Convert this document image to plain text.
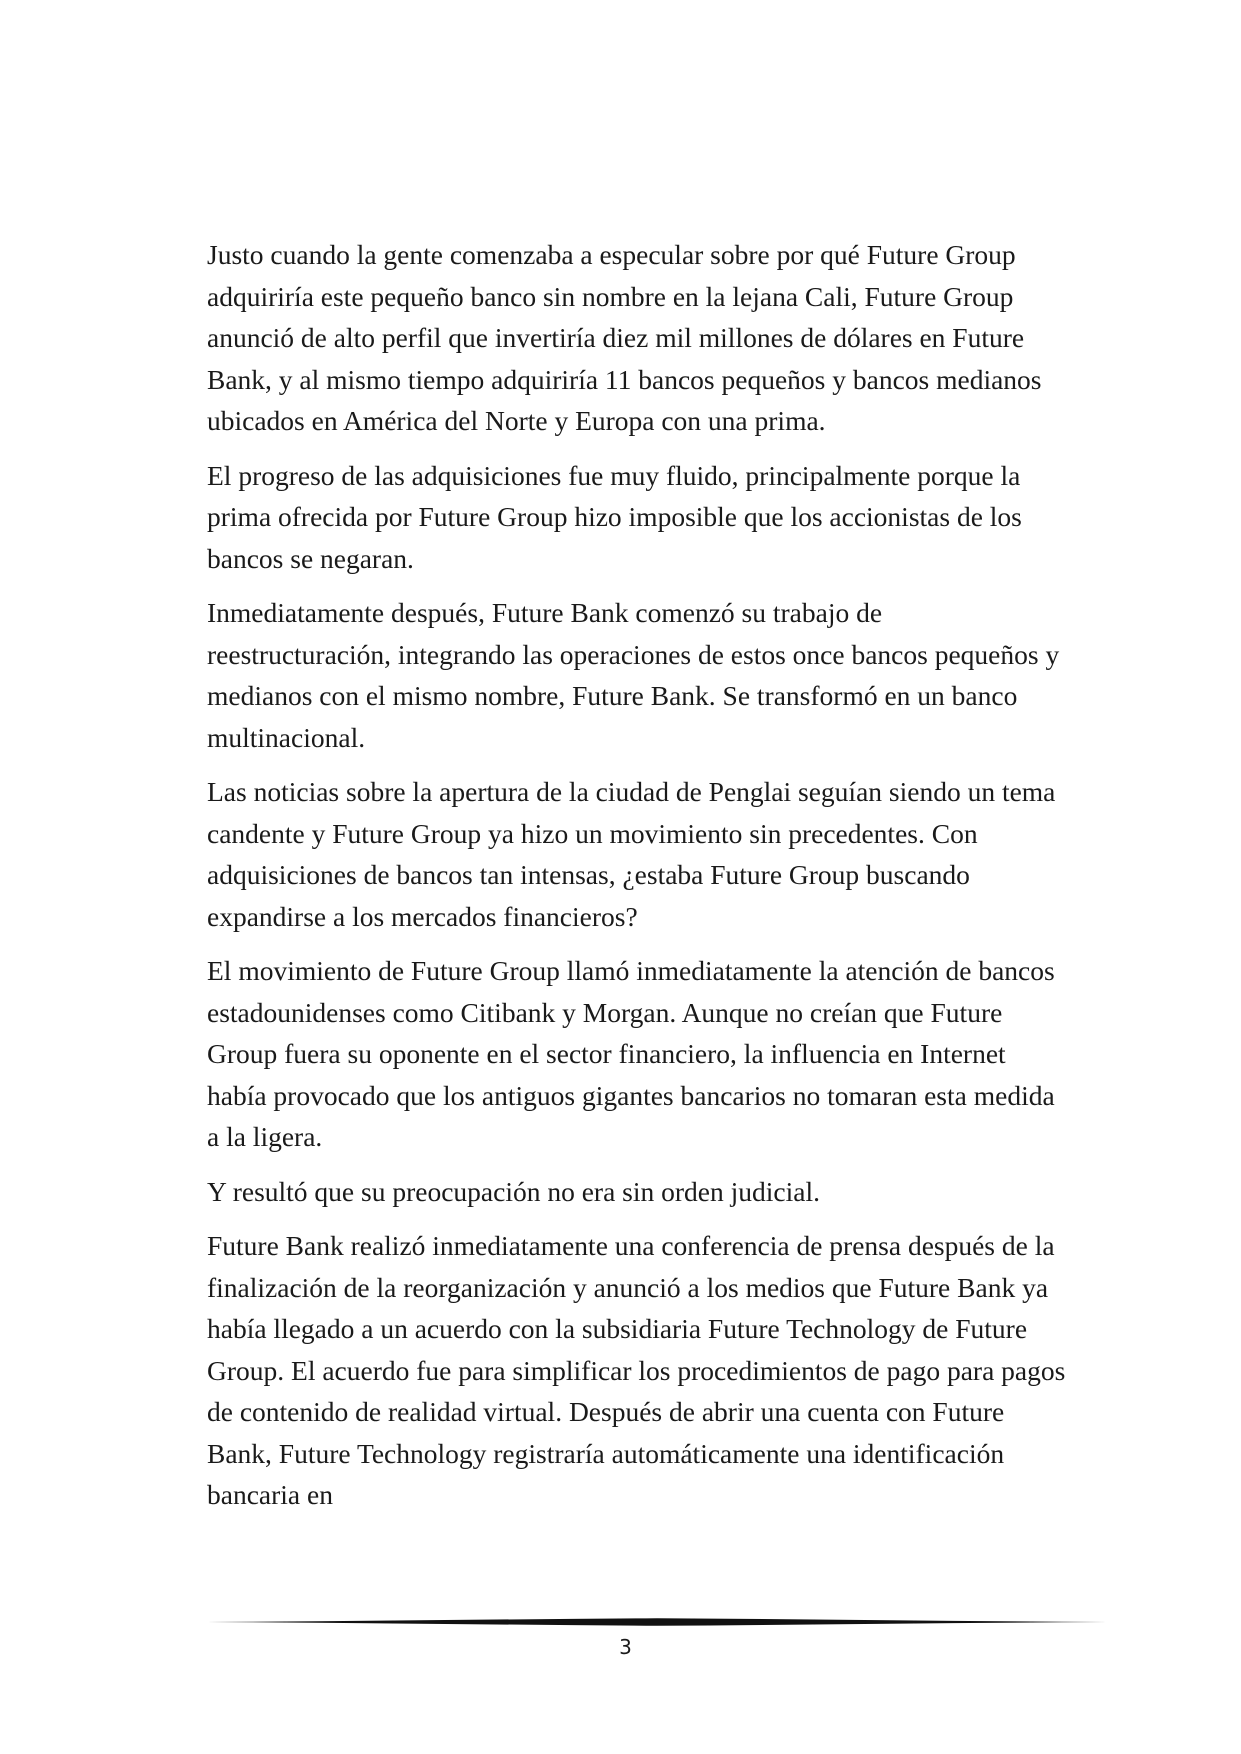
Justo cuando la gente comenzaba a especular sobre por qué Future Group adquiriría este pequeño banco sin nombre en la lejana Cali, Future Group anunció de alto perfil que invertiría diez mil millones de dólares en Future Bank, y al mismo tiempo adquiriría 11 bancos pequeños y bancos medianos ubicados en América del Norte y Europa con una prima.

El progreso de las adquisiciones fue muy fluido, principalmente porque la prima ofrecida por Future Group hizo imposible que los accionistas de los bancos se negaran.

Inmediatamente después, Future Bank comenzó su trabajo de reestructuración, integrando las operaciones de estos once bancos pequeños y medianos con el mismo nombre, Future Bank. Se transformó en un banco multinacional.

Las noticias sobre la apertura de la ciudad de Penglai seguían siendo un tema candente y Future Group ya hizo un movimiento sin precedentes. Con adquisiciones de bancos tan intensas, ¿estaba Future Group buscando expandirse a los mercados financieros?

El movimiento de Future Group llamó inmediatamente la atención de bancos estadounidenses como Citibank y Morgan. Aunque no creían que Future Group fuera su oponente en el sector financiero, la influencia en Internet había provocado que los antiguos gigantes bancarios no tomaran esta medida a la ligera.

Y resultó que su preocupación no era sin orden judicial.

Future Bank realizó inmediatamente una conferencia de prensa después de la finalización de la reorganización y anunció a los medios que Future Bank ya había llegado a un acuerdo con la subsidiaria Future Technology de Future Group. El acuerdo fue para simplificar los procedimientos de pago para pagos de contenido de realidad virtual. Después de abrir una cuenta con Future Bank, Future Technology registraría automáticamente una identificación bancaria en

3
